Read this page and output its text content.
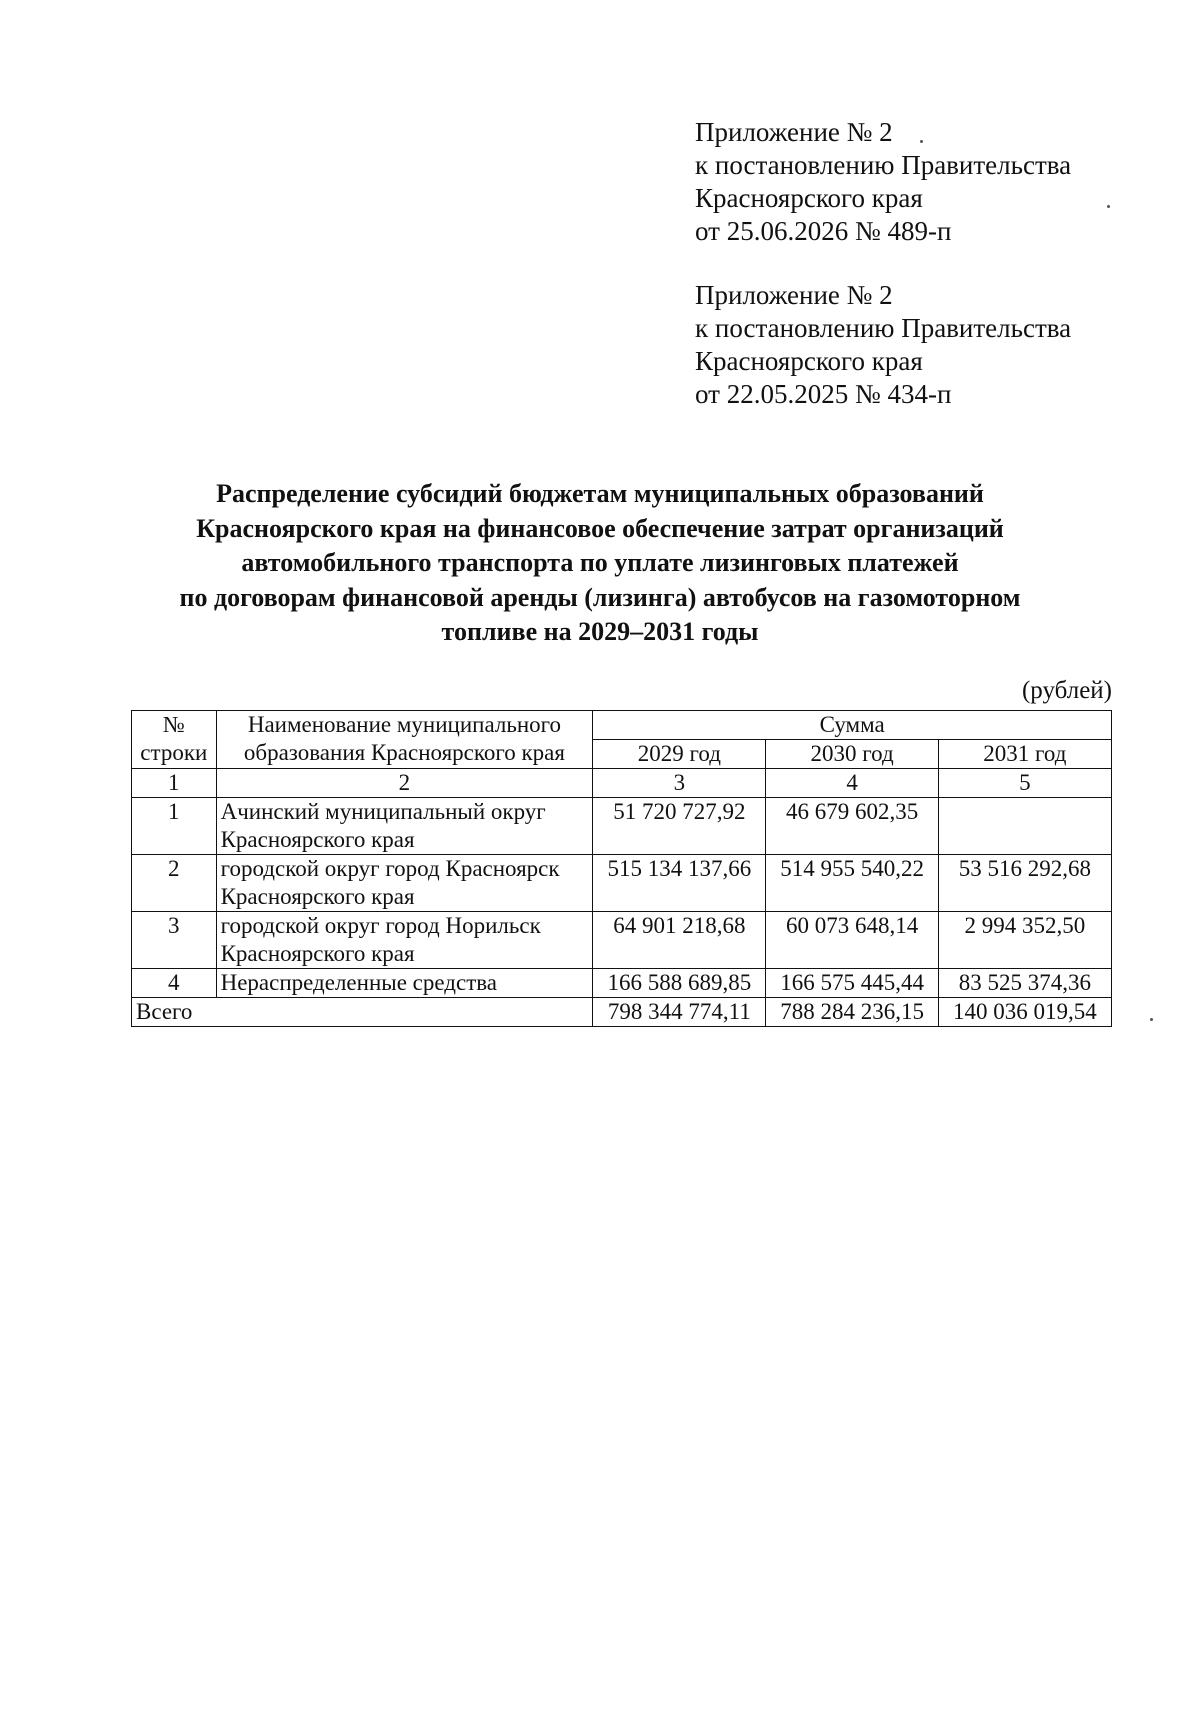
Приложение № 2
к постановлению Правительства
Красноярского края
от 25.06.2026 № 489-п
Приложение № 2
к постановлению Правительства
Красноярского края
от 22.05.2025 № 434-п
Распределение субсидий бюджетам муниципальных образований
Красноярского края на финансовое обеспечение затрат организаций
автомобильного транспорта по уплате лизинговых платежей
по договорам финансовой аренды (лизинга) автобусов на газомоторном
топливе на 2029–2031 годы
(рублей)
№ строки	Наименование муниципального образования Красноярского края	Сумма		
		2029 год	2030 год	2031 год
1	2	3	4	5
1	Ачинский муниципальный округ Красноярского края	51 720 727,92	46 679 602,35	
2	городской округ город Красноярск Красноярского края	515 134 137,66	514 955 540,22	53 516 292,68
3	городской округ город Норильск Красноярского края	64 901 218,68	60 073 648,14	2 994 352,50
4	Нераспределенные средства	166 588 689,85	166 575 445,44	83 525 374,36
Всего		798 344 774,11	788 284 236,15	140 036 019,54
